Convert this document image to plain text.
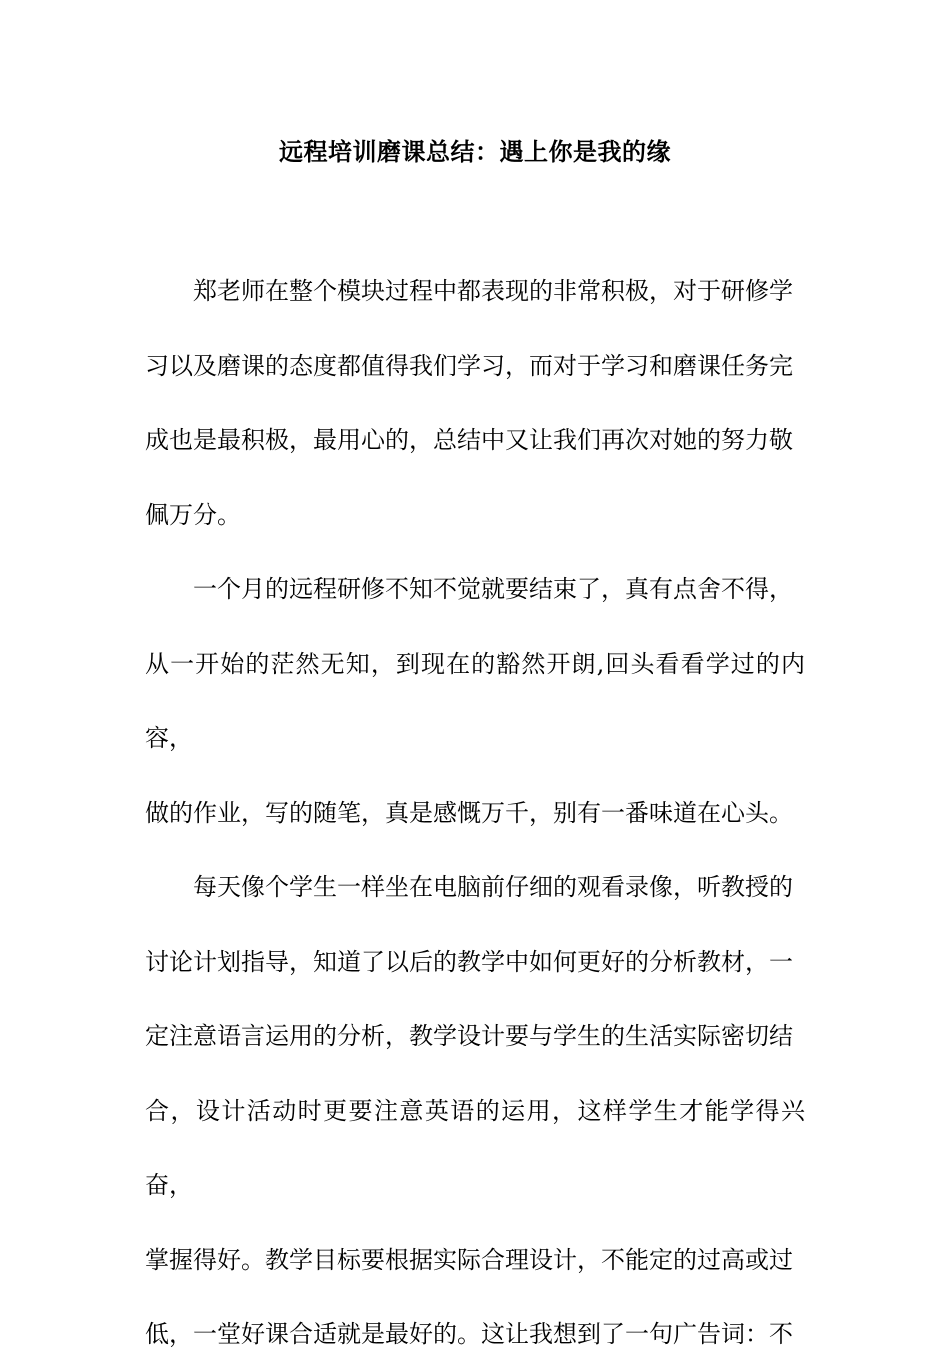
远程培训磨课总结：遇上你是我的缘

郑老师在整个模块过程中都表现的非常积极，对于研修学
习以及磨课的态度都值得我们学习，而对于学习和磨课任务完
成也是最积极，最用心的，总结中又让我们再次对她的努力敬
佩万分。

一个月的远程研修不知不觉就要结束了，真有点舍不得，
从一开始的茫然无知，到现在的豁然开朗,回头看看学过的内容，
做的作业，写的随笔，真是感慨万千，别有一番味道在心头。

每天像个学生一样坐在电脑前仔细的观看录像，听教授的
讨论计划指导，知道了以后的教学中如何更好的分析教材，一
定注意语言运用的分析，教学设计要与学生的生活实际密切结
合，设计活动时更要注意英语的运用，这样学生才能学得兴奋，
掌握得好。教学目标要根据实际合理设计，不能定的过高或过
低，一堂好课合适就是最好的。这让我想到了一句广告词：不
